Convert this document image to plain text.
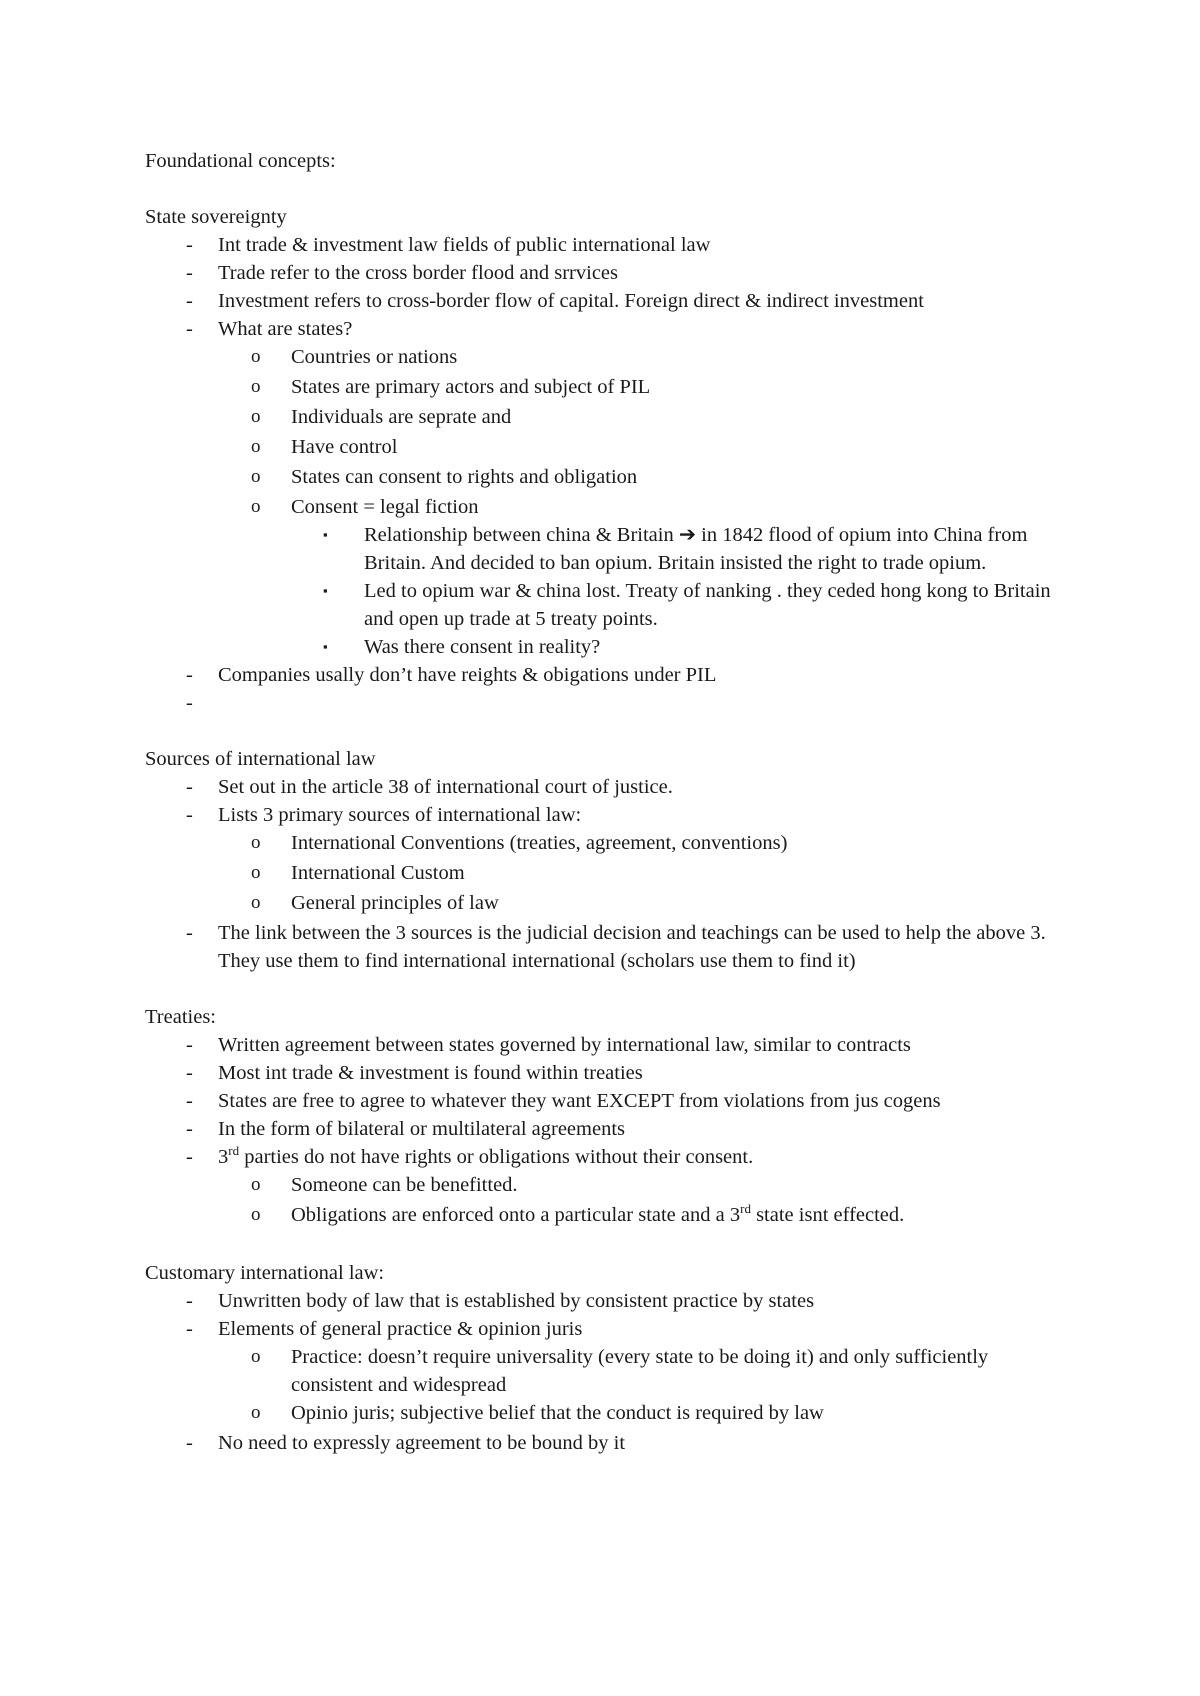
Foundational concepts:
State sovereignty
- Int trade & investment law fields of public international law
- Trade refer to the cross border flood and srrvices
- Investment refers to cross-border flow of capital. Foreign direct & indirect investment
- What are states?
o Countries or nations
o States are primary actors and subject of PIL
o Individuals are seprate and
o Have control
o States can consent to rights and obligation
o Consent = legal fiction
▪ Relationship between china & Britain ➔ in 1842 flood of opium into China from Britain. And decided to ban opium. Britain insisted the right to trade opium.
▪ Led to opium war & china lost. Treaty of nanking . they ceded hong kong to Britain and open up trade at 5 treaty points.
▪ Was there consent in reality?
- Companies usally don’t have reights & obigations under PIL
-
Sources of international law
- Set out in the article 38 of international court of justice.
- Lists 3 primary sources of international law:
o International Conventions (treaties, agreement, conventions)
o International Custom
o General principles of law
- The link between the 3 sources is the judicial decision and teachings can be used to help the above 3. They use them to find international international (scholars use them to find it)
Treaties:
- Written agreement between states governed by international law, similar to contracts
- Most int trade & investment is found within treaties
- States are free to agree to whatever they want EXCEPT from violations from jus cogens
- In the form of bilateral or multilateral agreements
- 3rd parties do not have rights or obligations without their consent.
o Someone can be benefitted.
o Obligations are enforced onto a particular state and a 3rd state isnt effected.
Customary international law:
- Unwritten body of law that is established by consistent practice by states
- Elements of general practice & opinion juris
o Practice: doesn’t require universality (every state to be doing it) and only sufficiently consistent and widespread
o Opinio juris; subjective belief that the conduct is required by law
- No need to expressly agreement to be bound by it
